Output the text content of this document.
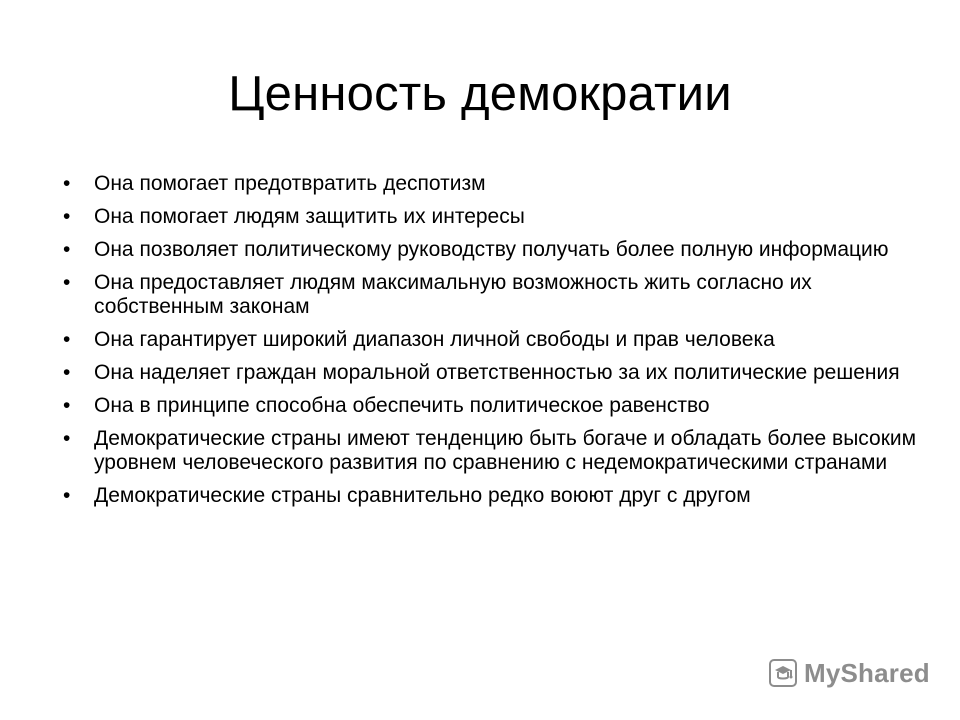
Ценность демократии
• Она помогает предотвратить деспотизм
• Она помогает людям защитить их интересы
• Она позволяет политическому руководству получать более полную информацию
• Она предоставляет людям максимальную возможность жить согласно их собственным законам
• Она гарантирует широкий диапазон личной свободы и прав человека
• Она наделяет граждан моральной ответственностью за их политические решения
• Она в принципе способна обеспечить политическое равенство
• Демократические страны имеют тенденцию быть богаче и обладать более высоким уровнем человеческого развития по сравнению с недемократическими странами
• Демократические страны сравнительно редко воюют друг с другом
MyShared
